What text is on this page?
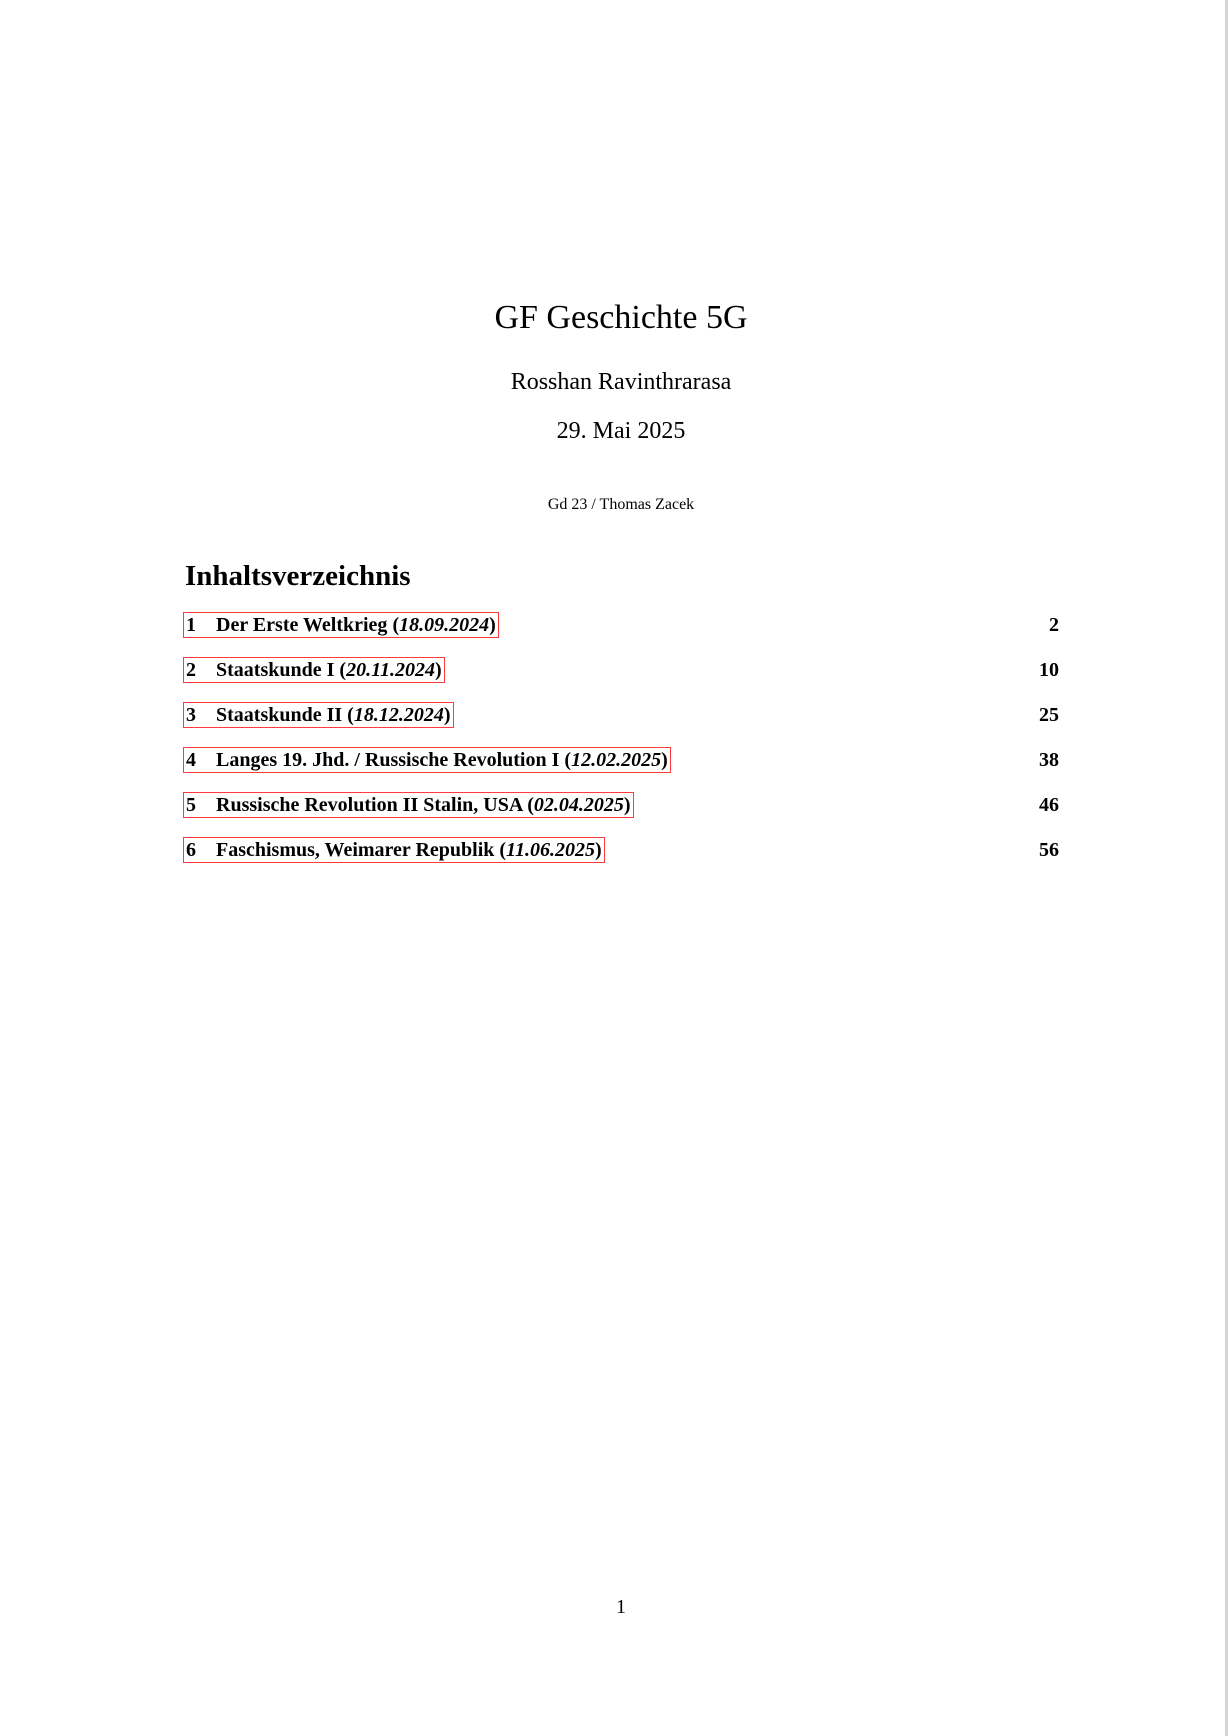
GF Geschichte 5G
Rosshan Ravinthrarasa
29. Mai 2025
Gd 23 / Thomas Zacek
Inhaltsverzeichnis
1 Der Erste Weltkrieg (18.09.2024)	2
2 Staatskunde I (20.11.2024)	10
3 Staatskunde II (18.12.2024)	25
4 Langes 19. Jhd. / Russische Revolution I (12.02.2025)	38
5 Russische Revolution II Stalin, USA (02.04.2025)	46
6 Faschismus, Weimarer Republik (11.06.2025)	56
1
